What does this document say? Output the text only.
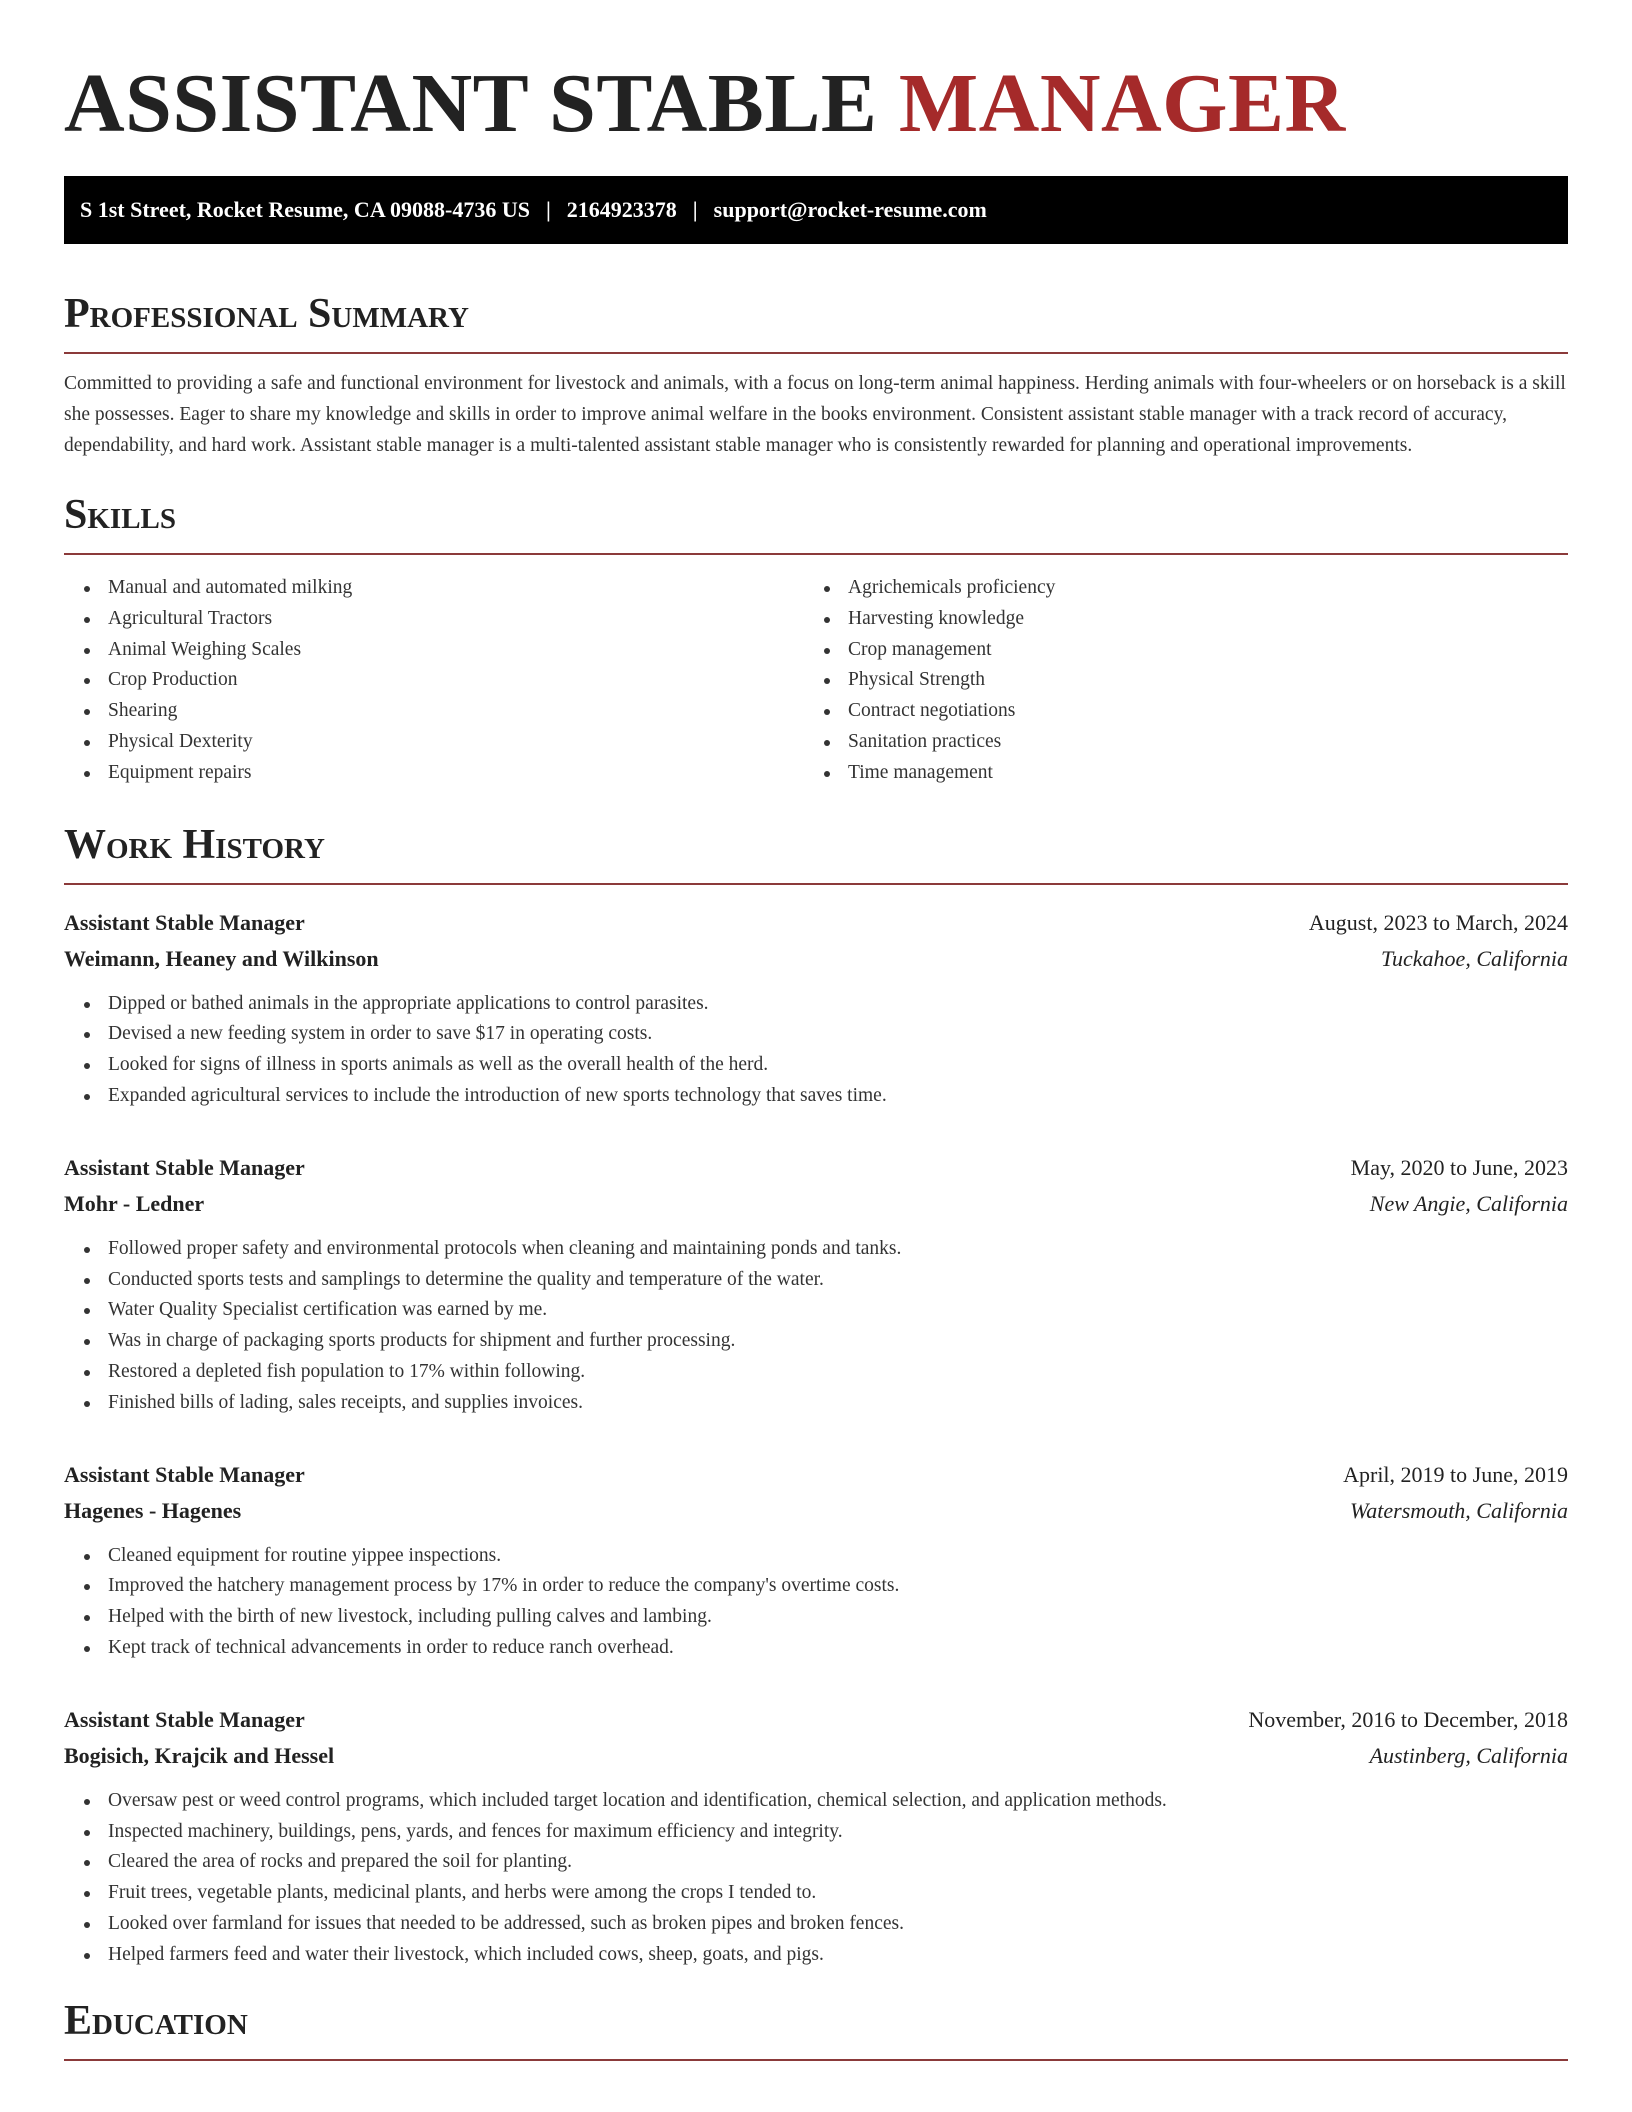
ASSISTANT STABLE MANAGER
S 1st Street, Rocket Resume, CA 09088-4736 US | 2164923378 | support@rocket-resume.com
Professional Summary

Committed to providing a safe and functional environment for livestock and animals, with a focus on long-term animal happiness. Herding animals with four-wheelers or on horseback is a skill she possesses. Eager to share my knowledge and skills in order to improve animal welfare in the books environment. Consistent assistant stable manager with a track record of accuracy, dependability, and hard work. Assistant stable manager is a multi-talented assistant stable manager who is consistently rewarded for planning and operational improvements.

Skills
Manual and automated milking
Agricultural Tractors
Animal Weighing Scales
Crop Production
Shearing
Physical Dexterity
Equipment repairs
Agrichemicals proficiency
Harvesting knowledge
Crop management
Physical Strength
Contract negotiations
Sanitation practices
Time management
Work History
Assistant Stable Manager	August, 2023 to March, 2024
Weimann, Heaney and Wilkinson	Tuckahoe, California
Dipped or bathed animals in the appropriate applications to control parasites.
Devised a new feeding system in order to save $17 in operating costs.
Looked for signs of illness in sports animals as well as the overall health of the herd.
Expanded agricultural services to include the introduction of new sports technology that saves time.
Assistant Stable Manager	May, 2020 to June, 2023
Mohr - Ledner	New Angie, California
Followed proper safety and environmental protocols when cleaning and maintaining ponds and tanks.
Conducted sports tests and samplings to determine the quality and temperature of the water.
Water Quality Specialist certification was earned by me.
Was in charge of packaging sports products for shipment and further processing.
Restored a depleted fish population to 17% within following.
Finished bills of lading, sales receipts, and supplies invoices.
Assistant Stable Manager	April, 2019 to June, 2019
Hagenes - Hagenes	Watersmouth, California
Cleaned equipment for routine yippee inspections.
Improved the hatchery management process by 17% in order to reduce the company's overtime costs.
Helped with the birth of new livestock, including pulling calves and lambing.
Kept track of technical advancements in order to reduce ranch overhead.
Assistant Stable Manager	November, 2016 to December, 2018
Bogisich, Krajcik and Hessel	Austinberg, California
Oversaw pest or weed control programs, which included target location and identification, chemical selection, and application methods.
Inspected machinery, buildings, pens, yards, and fences for maximum efficiency and integrity.
Cleared the area of rocks and prepared the soil for planting.
Fruit trees, vegetable plants, medicinal plants, and herbs were among the crops I tended to.
Looked over farmland for issues that needed to be addressed, such as broken pipes and broken fences.
Helped farmers feed and water their livestock, which included cows, sheep, goats, and pigs.
Education
